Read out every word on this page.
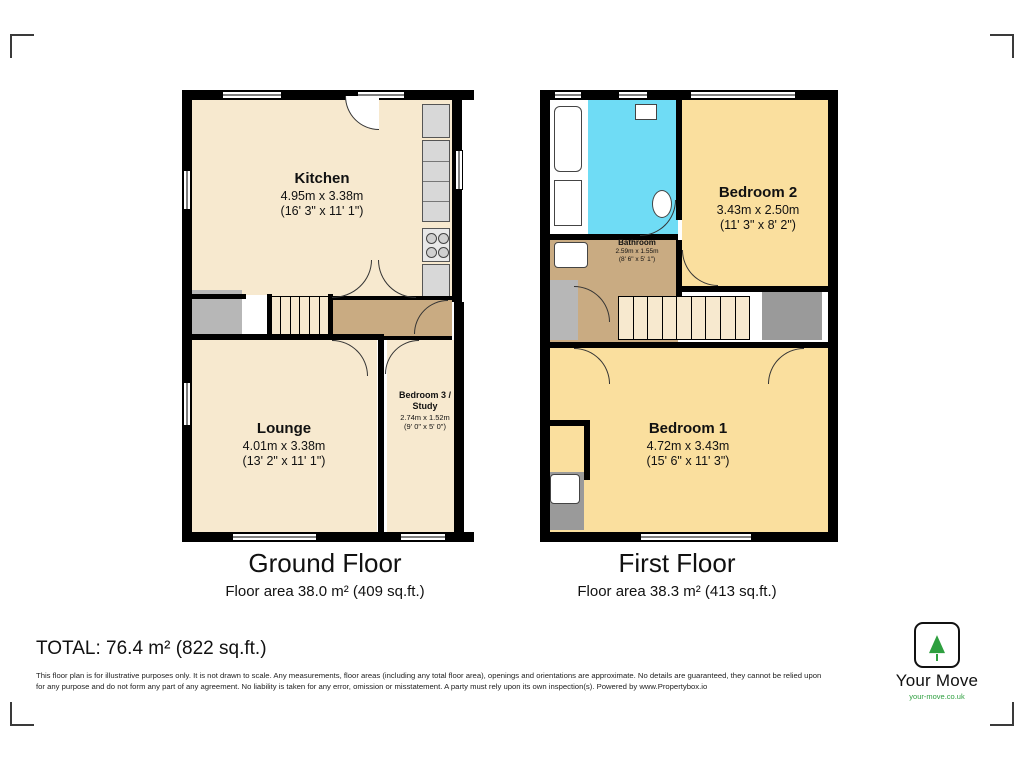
Kitchen
4.95m x 3.38m
(16' 3" x 11' 1")
Lounge
4.01m x 3.38m
(13' 2" x 11' 1")
Bedroom 3 / Study
2.74m x 1.52m
(9' 0" x 5' 0")
Bathroom
2.59m x 1.55m
(8' 6" x 5' 1")
Bedroom 2
3.43m x 2.50m
(11' 3" x 8' 2")
Bedroom 1
4.72m x 3.43m
(15' 6" x 11' 3")
Ground Floor
Floor area 38.0 m² (409 sq.ft.)
First Floor
Floor area 38.3 m² (413 sq.ft.)
TOTAL: 76.4 m² (822 sq.ft.)
This floor plan is for illustrative purposes only. It is not drawn to scale. Any measurements, floor areas (including any total floor area), openings and orientations are approximate. No details are guaranteed, they cannot be relied upon for any purpose and do not form any part of any agreement. No liability is taken for any error, omission or misstatement. A party must rely upon its own inspection(s). Powered by www.Propertybox.io	Your Move
your-move.co.uk
